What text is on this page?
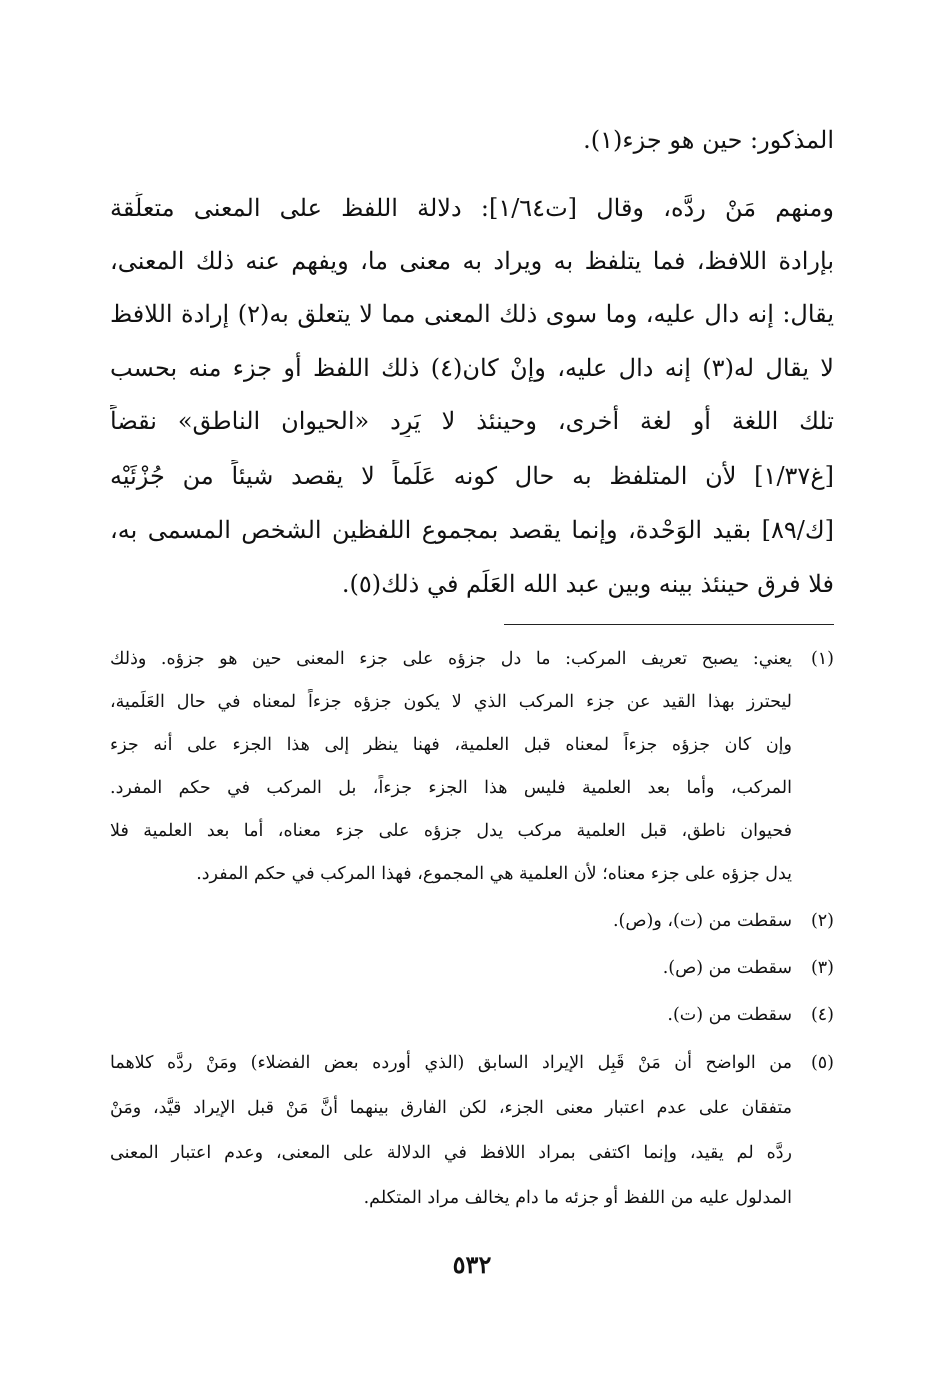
المذكور: حين هو جزء(١).
ومنهم مَنْ ردَّه، وقال [ت١/٦٤]: دلالة اللفظ على المعنى متعلِّقة
بإرادة اللافظ، فما يتلفظ به ويراد به معنى ما، ويفهم عنه ذلك المعنى،
يقال: إنه دال عليه، وما سوى ذلك المعنى مما لا يتعلق به(٢) إرادة اللافظ
لا يقال له(٣) إنه دال عليه، وإنْ كان(٤) ذلك اللفظ أو جزء منه بحسب
تلك اللغة أو لغة أخرى، وحينئذ لا يَرِد «الحيوان الناطق» نقضاً
[غ١/٣٧] لأن المتلفظ به حال كونه عَلَماً لا يقصد شيئاً من جُزْئَيْه
[ك/٨٩] بقيد الوَحْدة، وإنما يقصد بمجموع اللفظين الشخص المسمى به،
فلا فرق حينئذ بينه وبين عبد الله العَلَم في ذلك(٥).
(١)
يعني: يصبح تعريف المركب: ما دل جزؤه على جزء المعنى حين هو جزؤه. وذلك
ليحترز بهذا القيد عن جزء المركب الذي لا يكون جزؤه جزءاً لمعناه في حال العَلَمية،
وإن كان جزؤه جزءاً لمعناه قبل العلمية، فهنا ينظر إلى هذا الجزء على أنه جزء
المركب، وأما بعد العلمية فليس هذا الجزء جزءاً، بل المركب في حكم المفرد.
فحيوان ناطق، قبل العلمية مركب يدل جزؤه على جزء معناه، أما بعد العلمية فلا
يدل جزؤه على جزء معناه؛ لأن العلمية هي المجموع، فهذا المركب في حكم المفرد.
(٢)
سقطت من (ت)، و(ص).
(٣)
سقطت من (ص).
(٤)
سقطت من (ت).
(٥)
من الواضح أن مَنْ قَبِل الإيراد السابق (الذي أورده بعض الفضلاء) ومَنْ ردَّه كلاهما
متفقان على عدم اعتبار معنى الجزء، لكن الفارق بينهما أنَّ مَنْ قبل الإيراد قيَّد، ومَنْ
ردَّه لم يقيد، وإنما اكتفى بمراد اللافظ في الدلالة على المعنى، وعدم اعتبار المعنى
المدلول عليه من اللفظ أو جزئه ما دام يخالف مراد المتكلم.
٥٣٢
